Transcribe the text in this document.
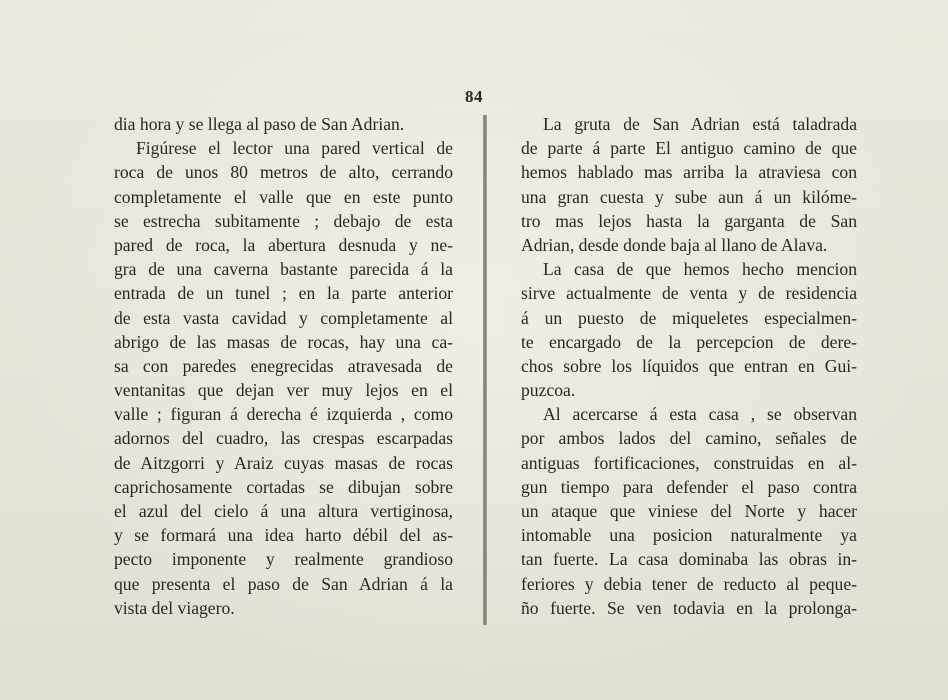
84
dia hora y se llega al paso de San Adrian.
Figúrese el lector una pared vertical de
roca de unos 80 metros de alto, cerrando
completamente el valle que en este punto
se estrecha subitamente ; debajo de esta
pared de roca, la abertura desnuda y ne-
gra de una caverna bastante parecida á la
entrada de un tunel ; en la parte anterior
de esta vasta cavidad y completamente al
abrigo de las masas de rocas, hay una ca-
sa con paredes enegrecidas atravesada de
ventanitas que dejan ver muy lejos en el
valle ; figuran á derecha é izquierda , como
adornos del cuadro, las crespas escarpadas
de Aitzgorri y Araiz cuyas masas de rocas
caprichosamente cortadas se dibujan sobre
el azul del cielo á una altura vertiginosa,
y se formará una idea harto débil del as-
pecto imponente y realmente grandioso
que presenta el paso de San Adrian á la
vista del viagero.
La gruta de San Adrian está taladrada
de parte á parte El antiguo camino de que
hemos hablado mas arriba la atraviesa con
una gran cuesta y sube aun á un kilóme-
tro mas lejos hasta la garganta de San
Adrian, desde donde baja al llano de Alava.
La casa de que hemos hecho mencion
sirve actualmente de venta y de residencia
á un puesto de miqueletes especialmen-
te encargado de la percepcion de dere-
chos sobre los líquidos que entran en Gui-
puzcoa.
Al acercarse á esta casa , se observan
por ambos lados del camino, señales de
antiguas fortificaciones, construidas en al-
gun tiempo para defender el paso contra
un ataque que viniese del Norte y hacer
intomable una posicion naturalmente ya
tan fuerte. La casa dominaba las obras in-
feriores y debia tener de reducto al peque-
ño fuerte. Se ven todavia en la prolonga-
